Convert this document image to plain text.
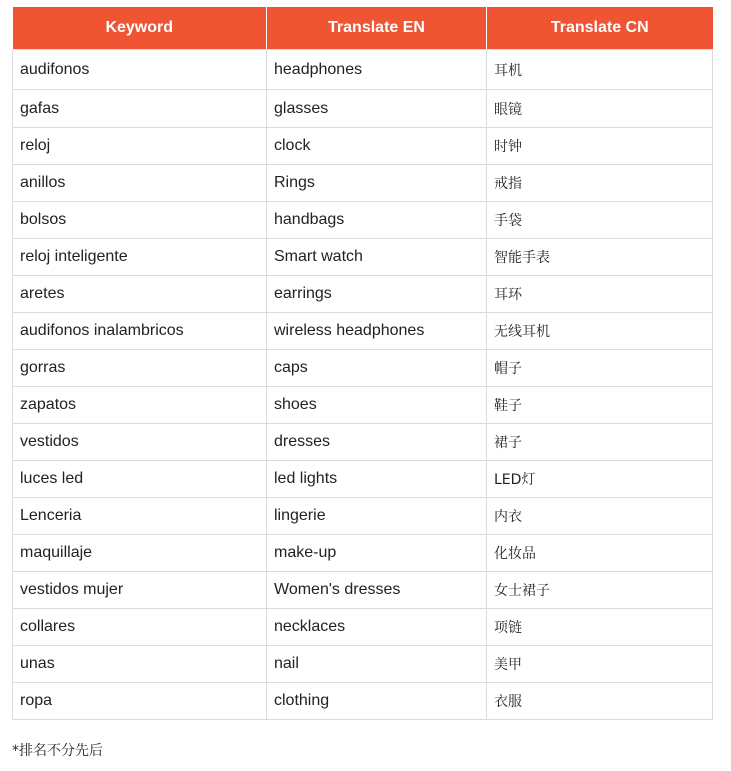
Keyword	Translate EN	Translate CN
audifonos	headphones	耳机
gafas	glasses	眼镜
reloj	clock	时钟
anillos	Rings	戒指
bolsos	handbags	手袋
reloj inteligente	Smart watch	智能手表
aretes	earrings	耳环
audifonos inalambricos	wireless headphones	无线耳机
gorras	caps	帽子
zapatos	shoes	鞋子
vestidos	dresses	裙子
luces led	led lights	LED灯
Lenceria	lingerie	内衣
maquillaje	make-up	化妆品
vestidos mujer	Women's dresses	女士裙子
collares	necklaces	项链
unas	nail	美甲
ropa	clothing	衣服
*排名不分先后
